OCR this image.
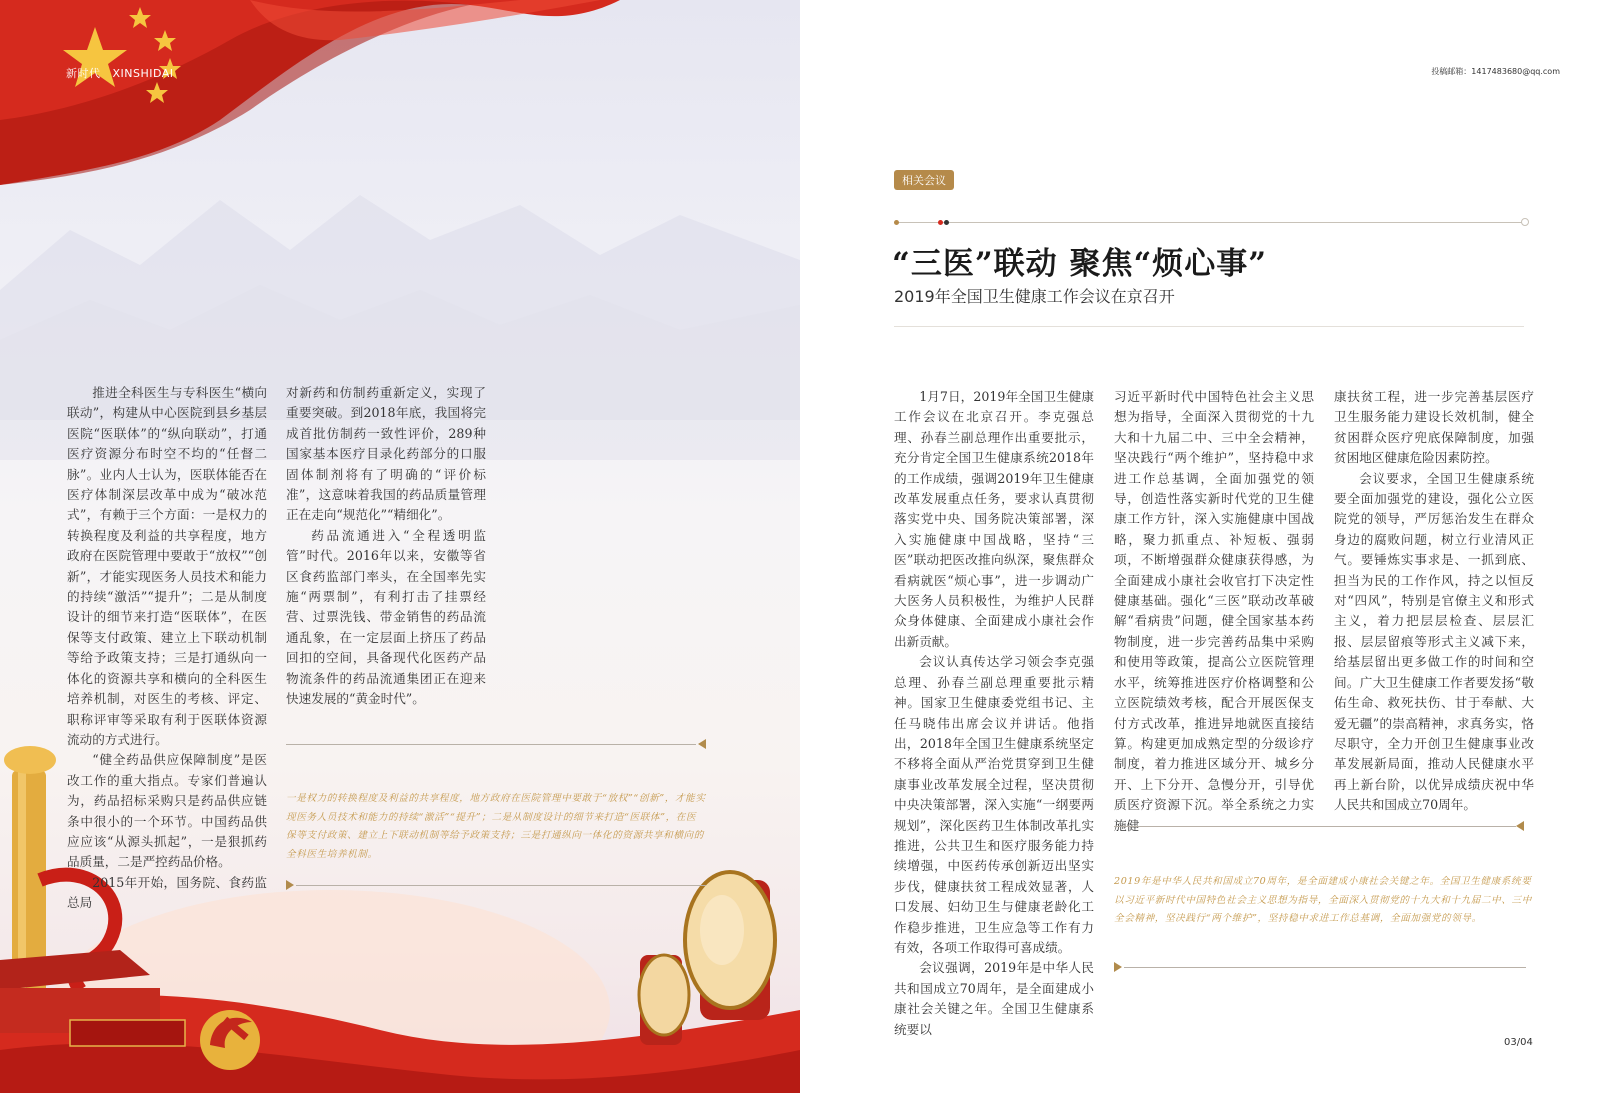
新时代 XINSHIDAI

推进全科医生与专科医生“横向联动”，构建从中心医院到县乡基层医院“医联体”的“纵向联动”，打通医疗资源分布时空不均的“任督二脉”。业内人士认为，医联体能否在医疗体制深层改革中成为“破冰范式”，有赖于三个方面：一是权力的转换程度及利益的共享程度，地方政府在医院管理中要敢于“放权”“创新”，才能实现医务人员技术和能力的持续“激活”“提升”；二是从制度设计的细节来打造“医联体”，在医保等支付政策、建立上下联动机制等给予政策支持；三是打通纵向一体化的资源共享和横向的全科医生培养机制，对医生的考核、评定、职称评审等采取有利于医联体资源流动的方式进行。

“健全药品供应保障制度”是医改工作的重大指点。专家们普遍认为，药品招标采购只是药品供应链条中很小的一个环节。中国药品供应应该“从源头抓起”，一是狠抓药品质量，二是严控药品价格。

2015年开始，国务院、食药监总局

对新药和仿制药重新定义，实现了重要突破。到2018年底，我国将完成首批仿制药一致性评价，289种国家基本医疗目录化药部分的口服固体制剂将有了明确的“评价标准”，这意味着我国的药品质量管理正在走向“规范化”“精细化”。

药品流通进入“全程透明监管”时代。2016年以来，安徽等省区食药监部门率头，在全国率先实施“两票制”，有利打击了挂票经营、过票洗钱、带金销售的药品流通乱象，在一定层面上挤压了药品回扣的空间，具备现代化医药产品物流条件的药品流通集团正在迎来快速发展的“黄金时代”。

一是权力的转换程度及利益的共享程度，地方政府在医院管理中要敢于“放权”“创新”，才能实现医务人员技术和能力的持续“激活”“提升”；二是从制度设计的细节来打造“医联体”，在医保等支付政策、建立上下联动机制等给予政策支持；三是打通纵向一体化的资源共享和横向的全科医生培养机制。
投稿邮箱：1417483680@qq.com
相关会议
“三医”联动 聚焦“烦心事”
2019年全国卫生健康工作会议在京召开

1月7日，2019年全国卫生健康工作会议在北京召开。李克强总理、孙春兰副总理作出重要批示，充分肯定全国卫生健康系统2018年的工作成绩，强调2019年卫生健康改革发展重点任务，要求认真贯彻落实党中央、国务院决策部署，深入实施健康中国战略，坚持“三医”联动把医改推向纵深，聚焦群众看病就医“烦心事”，进一步调动广大医务人员积极性，为维护人民群众身体健康、全面建成小康社会作出新贡献。

会议认真传达学习领会李克强总理、孙春兰副总理重要批示精神。国家卫生健康委党组书记、主任马晓伟出席会议并讲话。他指出，2018年全国卫生健康系统坚定不移将全面从严治党贯穿到卫生健康事业改革发展全过程，坚决贯彻中央决策部署，深入实施“一纲要两规划”，深化医药卫生体制改革扎实推进，公共卫生和医疗服务能力持续增强，中医药传承创新迈出坚实步伐，健康扶贫工程成效显著，人口发展、妇幼卫生与健康老龄化工作稳步推进，卫生应急等工作有力有效，各项工作取得可喜成绩。

会议强调，2019年是中华人民共和国成立70周年，是全面建成小康社会关键之年。全国卫生健康系统要以

习近平新时代中国特色社会主义思想为指导，全面深入贯彻党的十九大和十九届二中、三中全会精神，坚决践行“两个维护”，坚持稳中求进工作总基调，全面加强党的领导，创造性落实新时代党的卫生健康工作方针，深入实施健康中国战略，聚力抓重点、补短板、强弱项，不断增强群众健康获得感，为全面建成小康社会收官打下决定性健康基础。强化“三医”联动改革破解“看病贵”问题，健全国家基本药物制度，进一步完善药品集中采购和使用等政策，提高公立医院管理水平，统筹推进医疗价格调整和公立医院绩效考核，配合开展医保支付方式改革，推进异地就医直接结算。构建更加成熟定型的分级诊疗制度，着力推进区域分开、城乡分开、上下分开、急慢分开，引导优质医疗资源下沉。举全系统之力实

康扶贫工程，进一步完善基层医疗卫生服务能力建设长效机制，健全贫困群众医疗兜底保障制度，加强贫困地区健康危险因素防控。

会议要求，全国卫生健康系统要全面加强党的建设，强化公立医院党的领导，严厉惩治发生在群众身边的腐败问题，树立行业清风正气。要锤炼实事求是、一抓到底、担当为民的工作作风，持之以恒反对“四风”，特别是官僚主义和形式主义，着力把层层检查、层层汇报、层层留痕等形式主义减下来，给基层留出更多做工作的时间和空间。广大卫生健康工作者要发扬“敬佑生命、救死扶伤、甘于奉献、大爱无疆”的崇高精神，求真务实，恪尽职守，全力开创卫生健康事业改革发展新局面，推动人民健康水平再上新台阶，以优异成绩庆祝中华人民共和国成立70周年。

2019年是中华人民共和国成立70周年，是全面建成小康社会关键之年。全国卫生健康系统要以习近平新时代中国特色社会主义思想为指导，全面深入贯彻党的十九大和十九届二中、三中全会精神，坚决践行“两个维护”，坚持稳中求进工作总基调，全面加强党的领导。
03/04
